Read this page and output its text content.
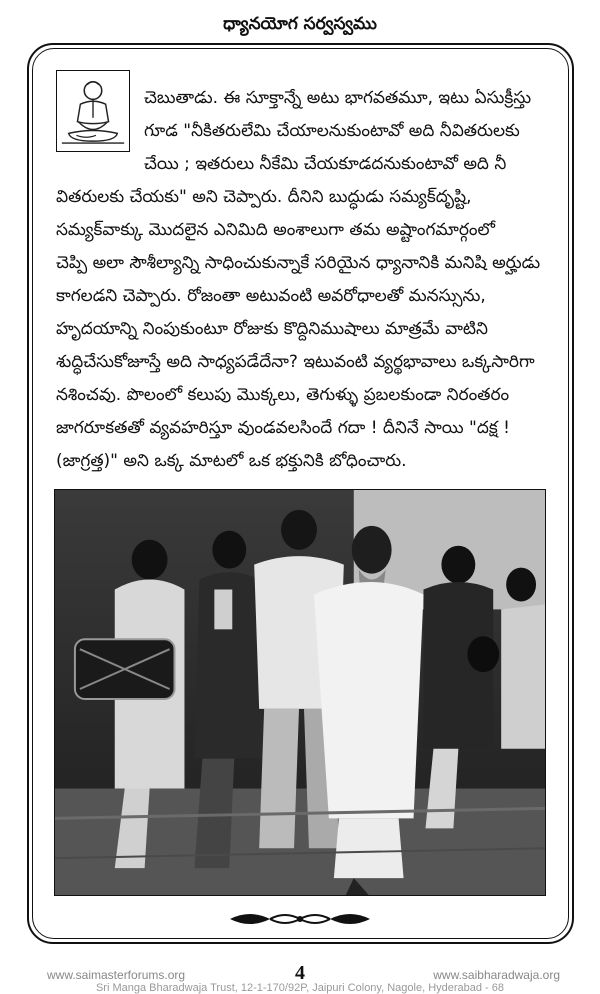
ధ్యానయోగ సర్వస్వము
చెబుతాడు. ఈ సూక్తాన్నే అటు భాగవతమూ, ఇటు ఏసుక్రీస్తు
గూడ "నీకితరులేమి చేయాలనుకుంటావో అది నీవితరులకు
చేయి ; ఇతరులు నీకేమి చేయకూడదనుకుంటావో అది నీ
వితరులకు చేయకు" అని చెప్పారు. దీనిని బుద్ధుడు సమ్యక్‌దృష్టి,
సమ్యక్‌వాక్కు మొదలైన ఎనిమిది అంశాలుగా తమ అష్టాంగమార్గంలో
చెప్పి అలా సౌశీల్యాన్ని సాధించుకున్నాకే సరియైన ధ్యానానికి మనిషి అర్హుడు
కాగలడని చెప్పారు. రోజంతా అటువంటి అవరోధాలతో మనస్సును,
హృదయాన్ని నింపుకుంటూ రోజుకు కొద్దినిముషాలు మాత్రమే వాటిని
శుద్ధిచేసుకోజూస్తే అది సాధ్యపడేదేనా? ఇటువంటి వ్యర్థభావాలు ఒక్కసారిగా
నశించవు. పొలంలో కలుపు మొక్కలు, తెగుళ్ళు ప్రబలకుండా నిరంతరం
జాగరూకతతో వ్యవహరిస్తూ వుండవలసిందే గదా ! దీనినే సాయి "దక్ష !
(జాగ్రత్త)" అని ఒక్క మాటలో ఒక భక్తునికి బోధించారు.
www.saimasterforums.org	4	www.saibharadwaja.org
Sri Manga Bharadwaja Trust, 12-1-170/92P, Jaipuri Colony, Nagole, Hyderabad - 68
